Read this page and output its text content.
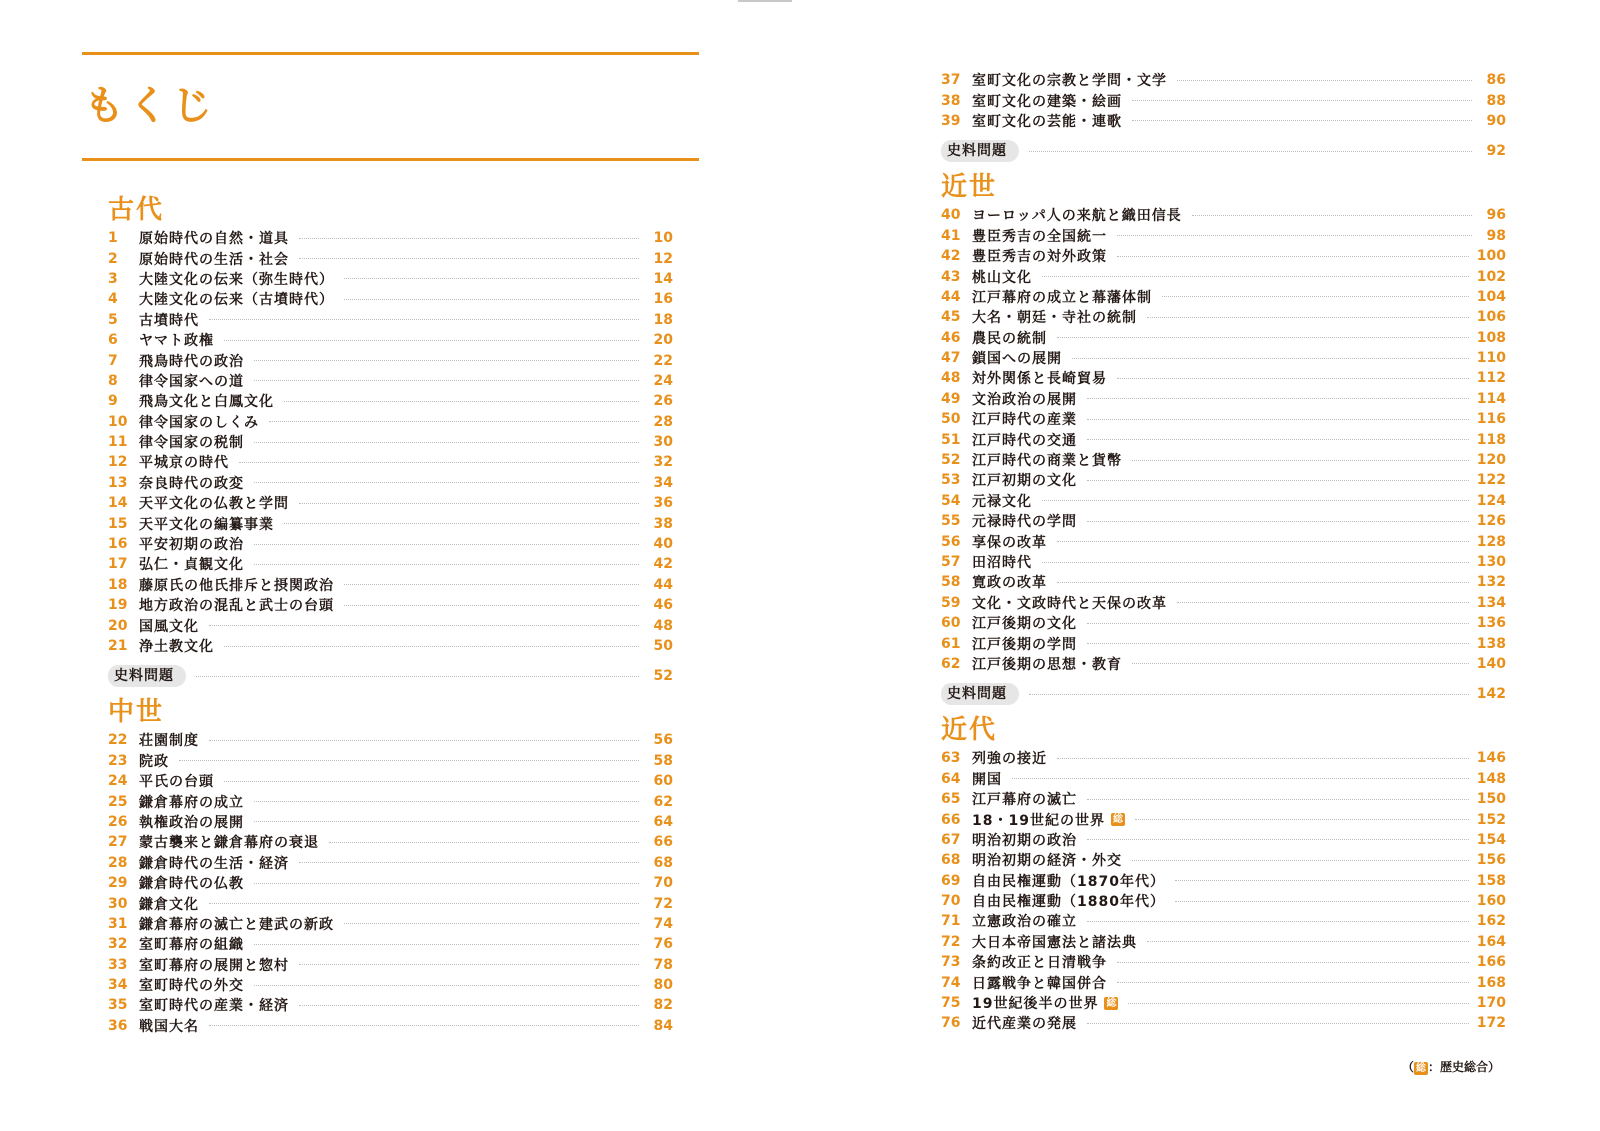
もくじ
古代
1	原始時代の自然・道具	10
2	原始時代の生活・社会	12
3	大陸文化の伝来（弥生時代）	14
4	大陸文化の伝来（古墳時代）	16
5	古墳時代	18
6	ヤマト政権	20
7	飛鳥時代の政治	22
8	律令国家への道	24
9	飛鳥文化と白鳳文化	26
10 律令国家のしくみ	28
11 律令国家の税制	30
12 平城京の時代	32
13 奈良時代の政変	34
14 天平文化の仏教と学問	36
15 天平文化の編纂事業	38
16 平安初期の政治	40
17 弘仁・貞観文化	42
18 藤原氏の他氏排斥と摂関政治	44
19 地方政治の混乱と武士の台頭	46
20 国風文化	48
21 浄土教文化	50
史料問題	52
中世
22 荘園制度	56
23 院政	58
24 平氏の台頭	60
25 鎌倉幕府の成立	62
26 執権政治の展開	64
27 蒙古襲来と鎌倉幕府の衰退	66
28 鎌倉時代の生活・経済	68
29 鎌倉時代の仏教	70
30 鎌倉文化	72
31 鎌倉幕府の滅亡と建武の新政	74
32 室町幕府の組織	76
33 室町幕府の展開と惣村	78
34 室町時代の外交	80
35 室町時代の産業・経済	82
36 戦国大名	84
37 室町文化の宗教と学問・文学	86
38 室町文化の建築・絵画	88
39 室町文化の芸能・連歌	90
史料問題	92
近世
40 ヨーロッパ人の来航と織田信長	96
41 豊臣秀吉の全国統一	98
42 豊臣秀吉の対外政策	100
43 桃山文化	102
44 江戸幕府の成立と幕藩体制	104
45 大名・朝廷・寺社の統制	106
46 農民の統制	108
47 鎖国への展開	110
48 対外関係と長崎貿易	112
49 文治政治の展開	114
50 江戸時代の産業	116
51 江戸時代の交通	118
52 江戸時代の商業と貨幣	120
53 江戸初期の文化	122
54 元禄文化	124
55 元禄時代の学問	126
56 享保の改革	128
57 田沼時代	130
58 寛政の改革	132
59 文化・文政時代と天保の改革	134
60 江戸後期の文化	136
61 江戸後期の学問	138
62 江戸後期の思想・教育	140
史料問題	142
近代
63 列強の接近	146
64 開国	148
65 江戸幕府の滅亡	150
66 18・19世紀の世界 総	152
67 明治初期の政治	154
68 明治初期の経済・外交	156
69 自由民権運動（1870年代）	158
70 自由民権運動（1880年代）	160
71 立憲政治の確立	162
72 大日本帝国憲法と諸法典	164
73 条約改正と日清戦争	166
74 日露戦争と韓国併合	168
75 19世紀後半の世界 総	170
76 近代産業の発展	172
（ 総 ：歴史総合）
